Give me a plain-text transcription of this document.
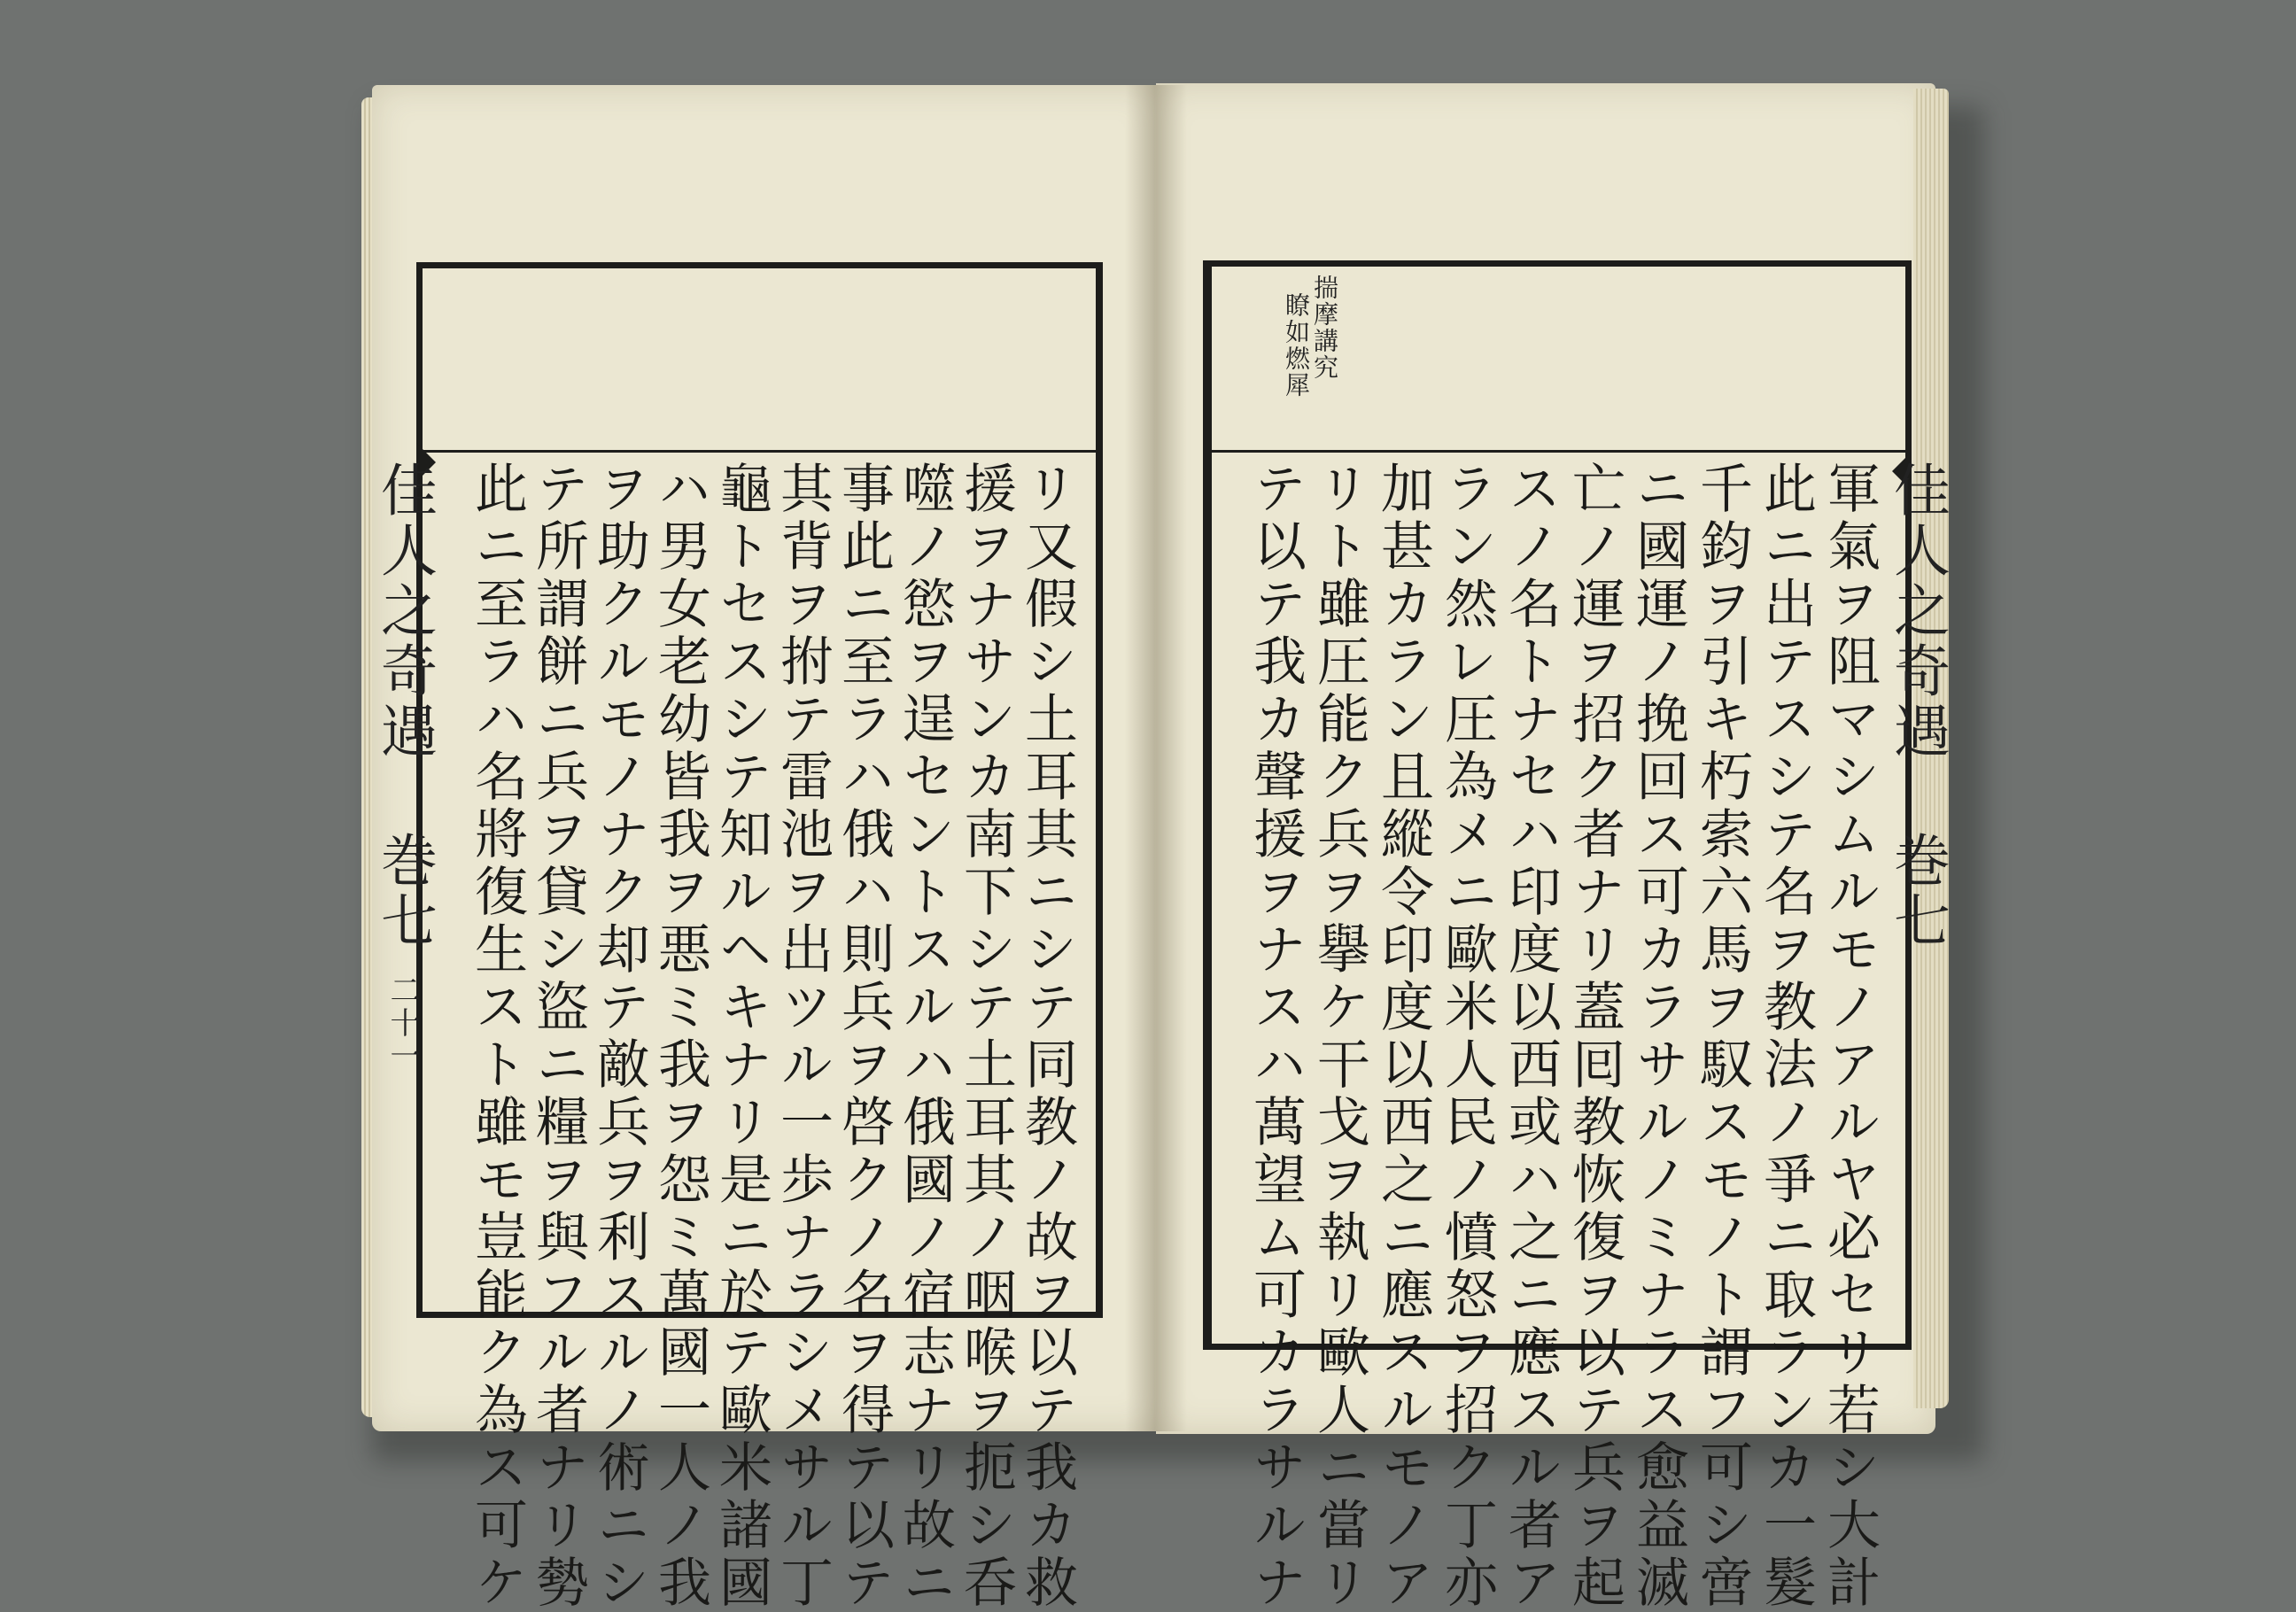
佳人之奇遇 巻七
二十一	リ又假シ土耳其ニシテ同教ノ故ヲ以テ我カ救
援ヲナサンカ南下シテ土耳其ノ咽喉ヲ扼シ呑
噬ノ慾ヲ逞セントスルハ俄國ノ宿志ナリ故ニ
事此ニ至ラハ俄ハ則兵ヲ啓クノ名ヲ得テ以テ
其背ヲ拊テ雷池ヲ出ツル一歩ナラシメサル丁
龜トセスシテ知ルヘキナリ是ニ於テ歐米諸國
ハ男女老幼皆我ヲ悪ミ我ヲ怨ミ萬國一人ノ我
ヲ助クルモノナク却テ敵兵ヲ利スルノ術ニシ
テ所謂餅ニ兵ヲ貸シ盜ニ糧ヲ與フル者ナリ勢
此ニ至ラハ名將復生スト雖モ豈能ク為ス可ケ
揣摩講究
瞭如燃犀
佳人之奇遇 巻七
軍氣ヲ阻マシムルモノアルヤ必セリ若シ大計
此ニ出テスシテ名ヲ教法ノ爭ニ取ランカ一髮
千鈞ヲ引キ朽索六馬ヲ馭スモノト謂フ可シ啻
ニ國運ノ挽回ス可カラサルノミナラス愈益滅
亡ノ運ヲ招ク者ナリ蓋囘教恢復ヲ以テ兵ヲ起
スノ名トナセハ印度以西或ハ之ニ應スル者ア
ラン然レ圧為メニ歐米人民ノ憤怒ヲ招ク丁亦
加甚カラン且縱令印度以西之ニ應スルモノア
リト雖圧能ク兵ヲ擧ケ干戈ヲ執リ歐人ニ當リ
テ以テ我カ聲援ヲナスハ萬望ム可カラサルナ
